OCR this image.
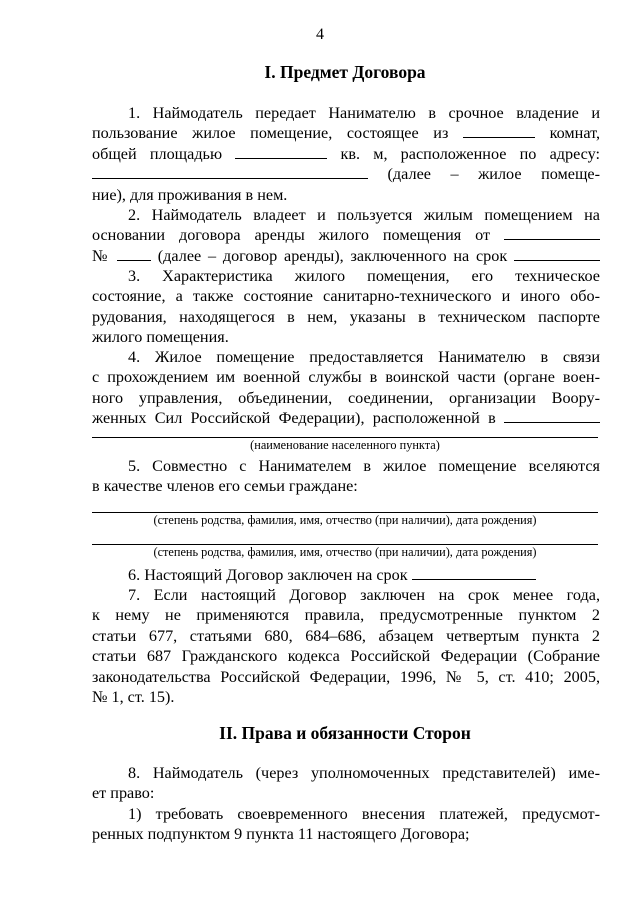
4
I. Предмет Договора
1. Наймодатель передает Нанимателю в срочное владение и
пользование жилое помещение, состоящее из	комнат,
общей площадью	кв. м, расположенное по адресу:
(далее – жилое помеще-
ние), для проживания в нем.
2. Наймодатель владеет и пользуется жилым помещением на
основании договора аренды жилого помещения от
№	(далее – договор аренды), заключенного на срок
3. Характеристика жилого помещения, его техническое
состояние, а также состояние санитарно-технического и иного обо-
рудования, находящегося в нем, указаны в техническом паспорте
жилого помещения.
4. Жилое помещение предоставляется Нанимателю в связи
с прохождением им военной службы в воинской части (органе воен-
ного управления, объединении, соединении, организации Воору-
женных Сил Российской Федерации), расположенной в
(наименование населенного пункта)
5. Совместно с Нанимателем в жилое помещение вселяются
в качестве членов его семьи граждане:
(степень родства, фамилия, имя, отчество (при наличии), дата рождения)
(степень родства, фамилия, имя, отчество (при наличии), дата рождения)
6. Настоящий Договор заключен на срок
7. Если настоящий Договор заключен на срок менее года,
к нему не применяются правила, предусмотренные пунктом 2
статьи 677, статьями 680, 684–686, абзацем четвертым пункта 2
статьи 687 Гражданского кодекса Российской Федерации (Собрание
законодательства Российской Федерации, 1996, № 5, ст. 410; 2005,
№ 1, ст. 15).
II. Права и обязанности Сторон
8. Наймодатель (через уполномоченных представителей) име-
ет право:
1) требовать своевременного внесения платежей, предусмот-
ренных подпунктом 9 пункта 11 настоящего Договора;
